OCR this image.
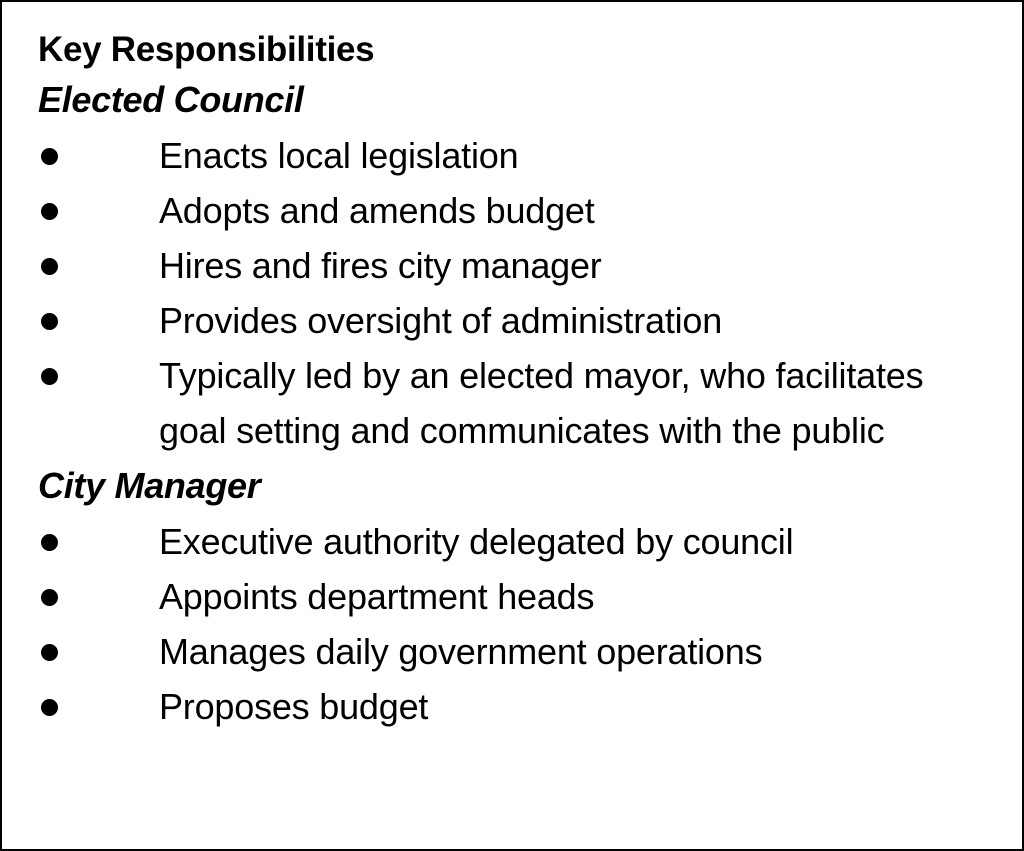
Key Responsibilities
Elected Council
Enacts local legislation
Adopts and amends budget
Hires and fires city manager
Provides oversight of administration
Typically led by an elected mayor, who facilitates goal setting and communicates with the public
City Manager
Executive authority delegated by council
Appoints department heads
Manages daily government operations
Proposes budget
